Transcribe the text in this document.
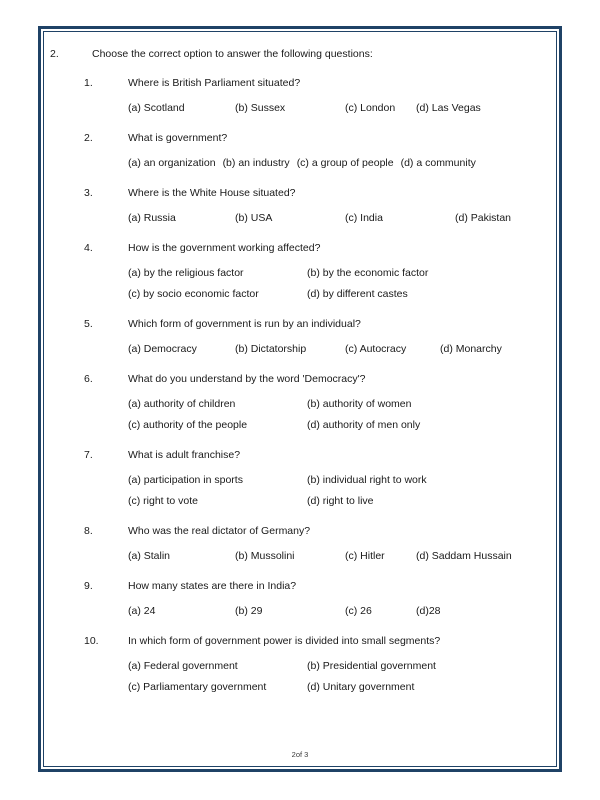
2.	Choose the correct option to answer the following questions:
1.	Where is British Parliament situated?
(a) Scotland	(b) Sussex	(c) London (d) Las Vegas
2.	What is government?
(a) an organization (b) an industry (c) a group of people (d) a community
3.	Where is the White House situated?
(a) Russia	(b) USA	(c) India	(d) Pakistan
4.	How is the government working affected?
(a) by the religious factor	(b) by the economic factor
(c) by socio economic factor	(d) by different castes
5.	Which form of government is run by an individual?
(a) Democracy	(b) Dictatorship	(c) Autocracy	(d) Monarchy
6.	What do you understand by the word 'Democracy'?
(a) authority of children	(b) authority of women
(c) authority of the people	(d) authority of men only
7.	What is adult franchise?
(a) participation in sports	(b) individual right to work
(c) right to vote	(d) right to live
8.	Who was the real dictator of Germany?
(a) Stalin	(b) Mussolini	(c) Hitler	(d) Saddam Hussain
9.	How many states are there in India?
(a) 24	(b) 29	(c) 26	(d)28
10.	In which form of government power is divided into small segments?
(a) Federal government	(b) Presidential government
(c) Parliamentary government	(d) Unitary government
2of 3
